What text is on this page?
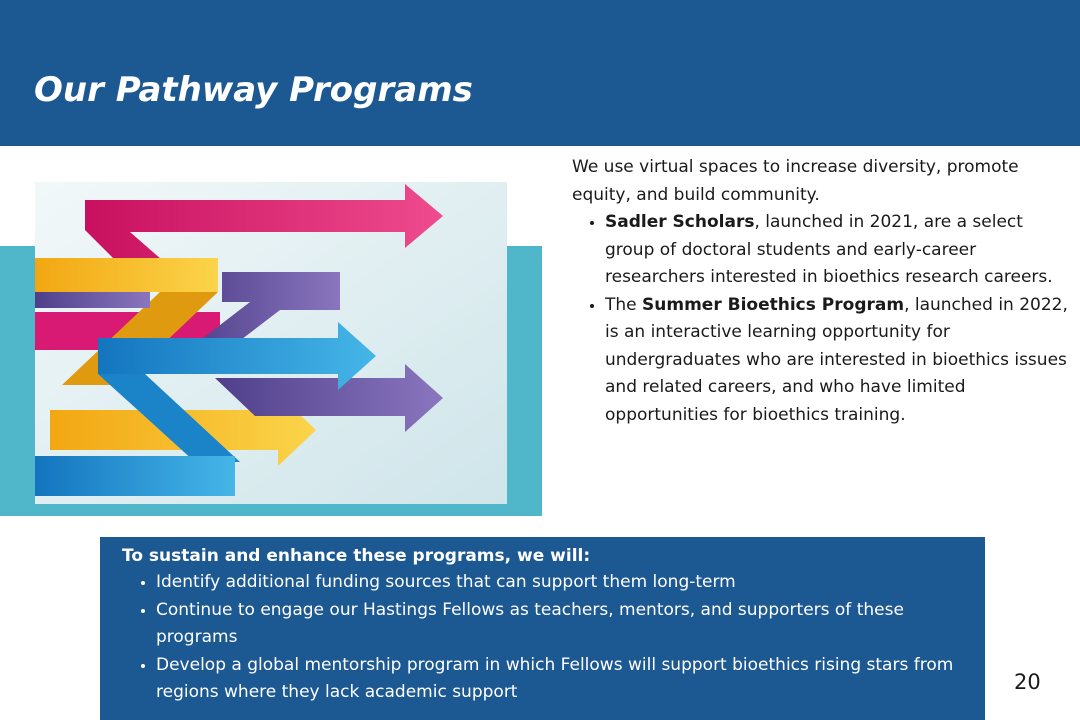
Our Pathway Programs

We use virtual spaces to increase diversity, promote equity, and build community.

• Sadler Scholars, launched in 2021, are a select group of doctoral students and early-career researchers interested in bioethics research careers.
• The Summer Bioethics Program, launched in 2022, is an interactive learning opportunity for undergraduates who are interested in bioethics issues and related careers, and who have limited opportunities for bioethics training.
To sustain and enhance these programs, we will:
• Identify additional funding sources that can support them long-term
• Continue to engage our Hastings Fellows as teachers, mentors, and supporters of these programs
• Develop a global mentorship program in which Fellows will support bioethics rising stars from regions where they lack academic support	20
